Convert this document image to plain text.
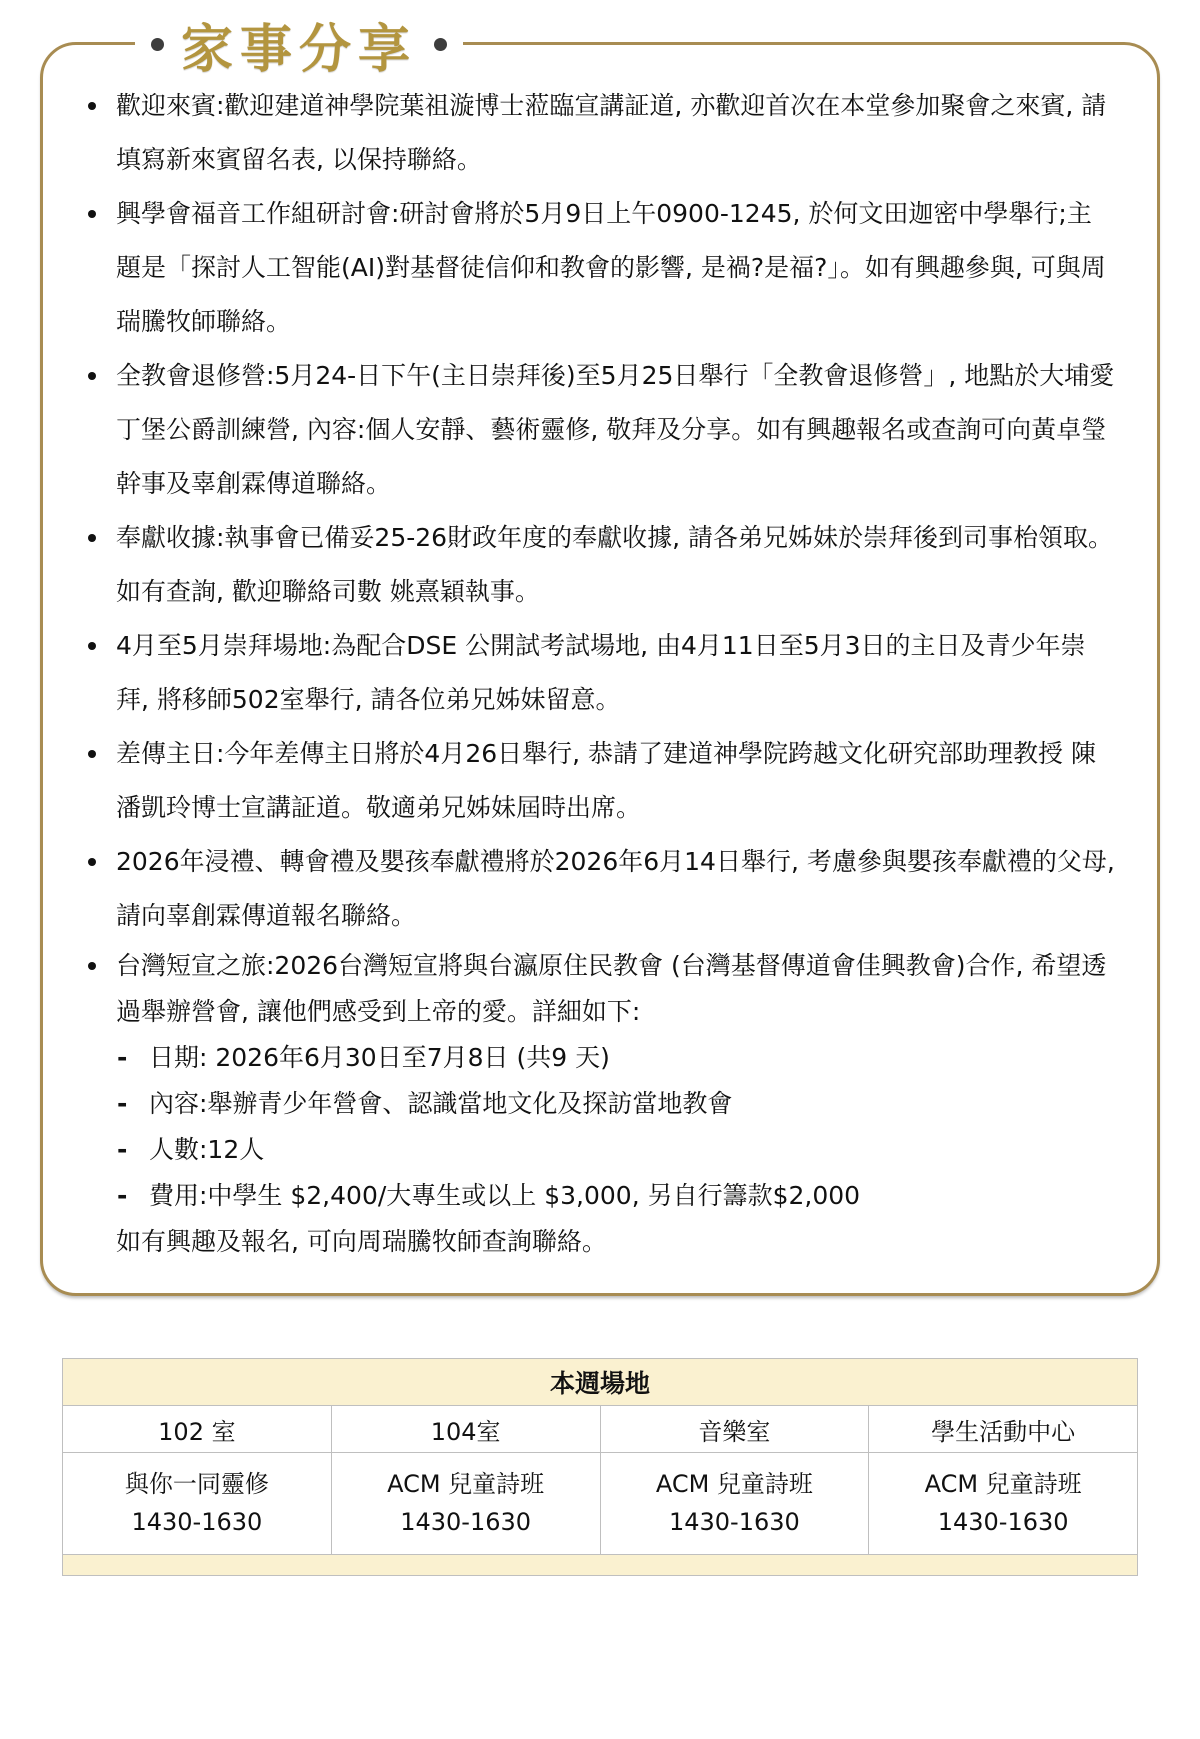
家事分享
歡迎來賓:歡迎建道神學院葉祖漩博士蒞臨宣講証道, 亦歡迎首次在本堂參加聚會之來賓, 請填寫新來賓留名表, 以保持聯絡。
興學會福音工作組研討會:研討會將於5月9日上午0900-1245, 於何文田迦密中學舉行;主題是「探討人工智能(AI)對基督徒信仰和教會的影響, 是禍?是福?」。如有興趣參與, 可與周瑞騰牧師聯絡。
全教會退修營:5月24-日下午(主日崇拜後)至5月25日舉行「全教會退修營」, 地點於大埔愛丁堡公爵訓練營, 內容:個人安靜、藝術靈修, 敬拜及分享。如有興趣報名或查詢可向黃卓瑩幹事及辜創霖傳道聯絡。
奉獻收據:執事會已備妥25-26財政年度的奉獻收據, 請各弟兄姊妹於崇拜後到司事枱領取。如有查詢, 歡迎聯絡司數 姚熹穎執事。
4月至5月崇拜場地:為配合DSE 公開試考試場地, 由4月11日至5月3日的主日及青少年崇拜, 將移師502室舉行, 請各位弟兄姊妹留意。
差傳主日:今年差傳主日將於4月26日舉行, 恭請了建道神學院跨越文化研究部助理教授 陳潘凱玲博士宣講証道。敬適弟兄姊妹屆時出席。
2026年浸禮、轉會禮及嬰孩奉獻禮將於2026年6月14日舉行, 考慮參與嬰孩奉獻禮的父母, 請向辜創霖傳道報名聯絡。
台灣短宣之旅:2026台灣短宣將與台瀛原住民教會 (台灣基督傳道會佳興教會)合作, 希望透過舉辦營會, 讓他們感受到上帝的愛。詳細如下:
- 日期: 2026年6月30日至7月8日 (共9 天)
- 內容:舉辦青少年營會、認識當地文化及探訪當地教會
- 人數:12人
- 費用:中學生 $2,400/大專生或以上 $3,000, 另自行籌款$2,000
如有興趣及報名, 可向周瑞騰牧師查詢聯絡。
本週場地			
102 室	104室	音樂室	學生活動中心

與你一同靈修
1430-1630

ACM 兒童詩班
1430-1630

ACM 兒童詩班
1430-1630

ACM 兒童詩班
1430-1630
